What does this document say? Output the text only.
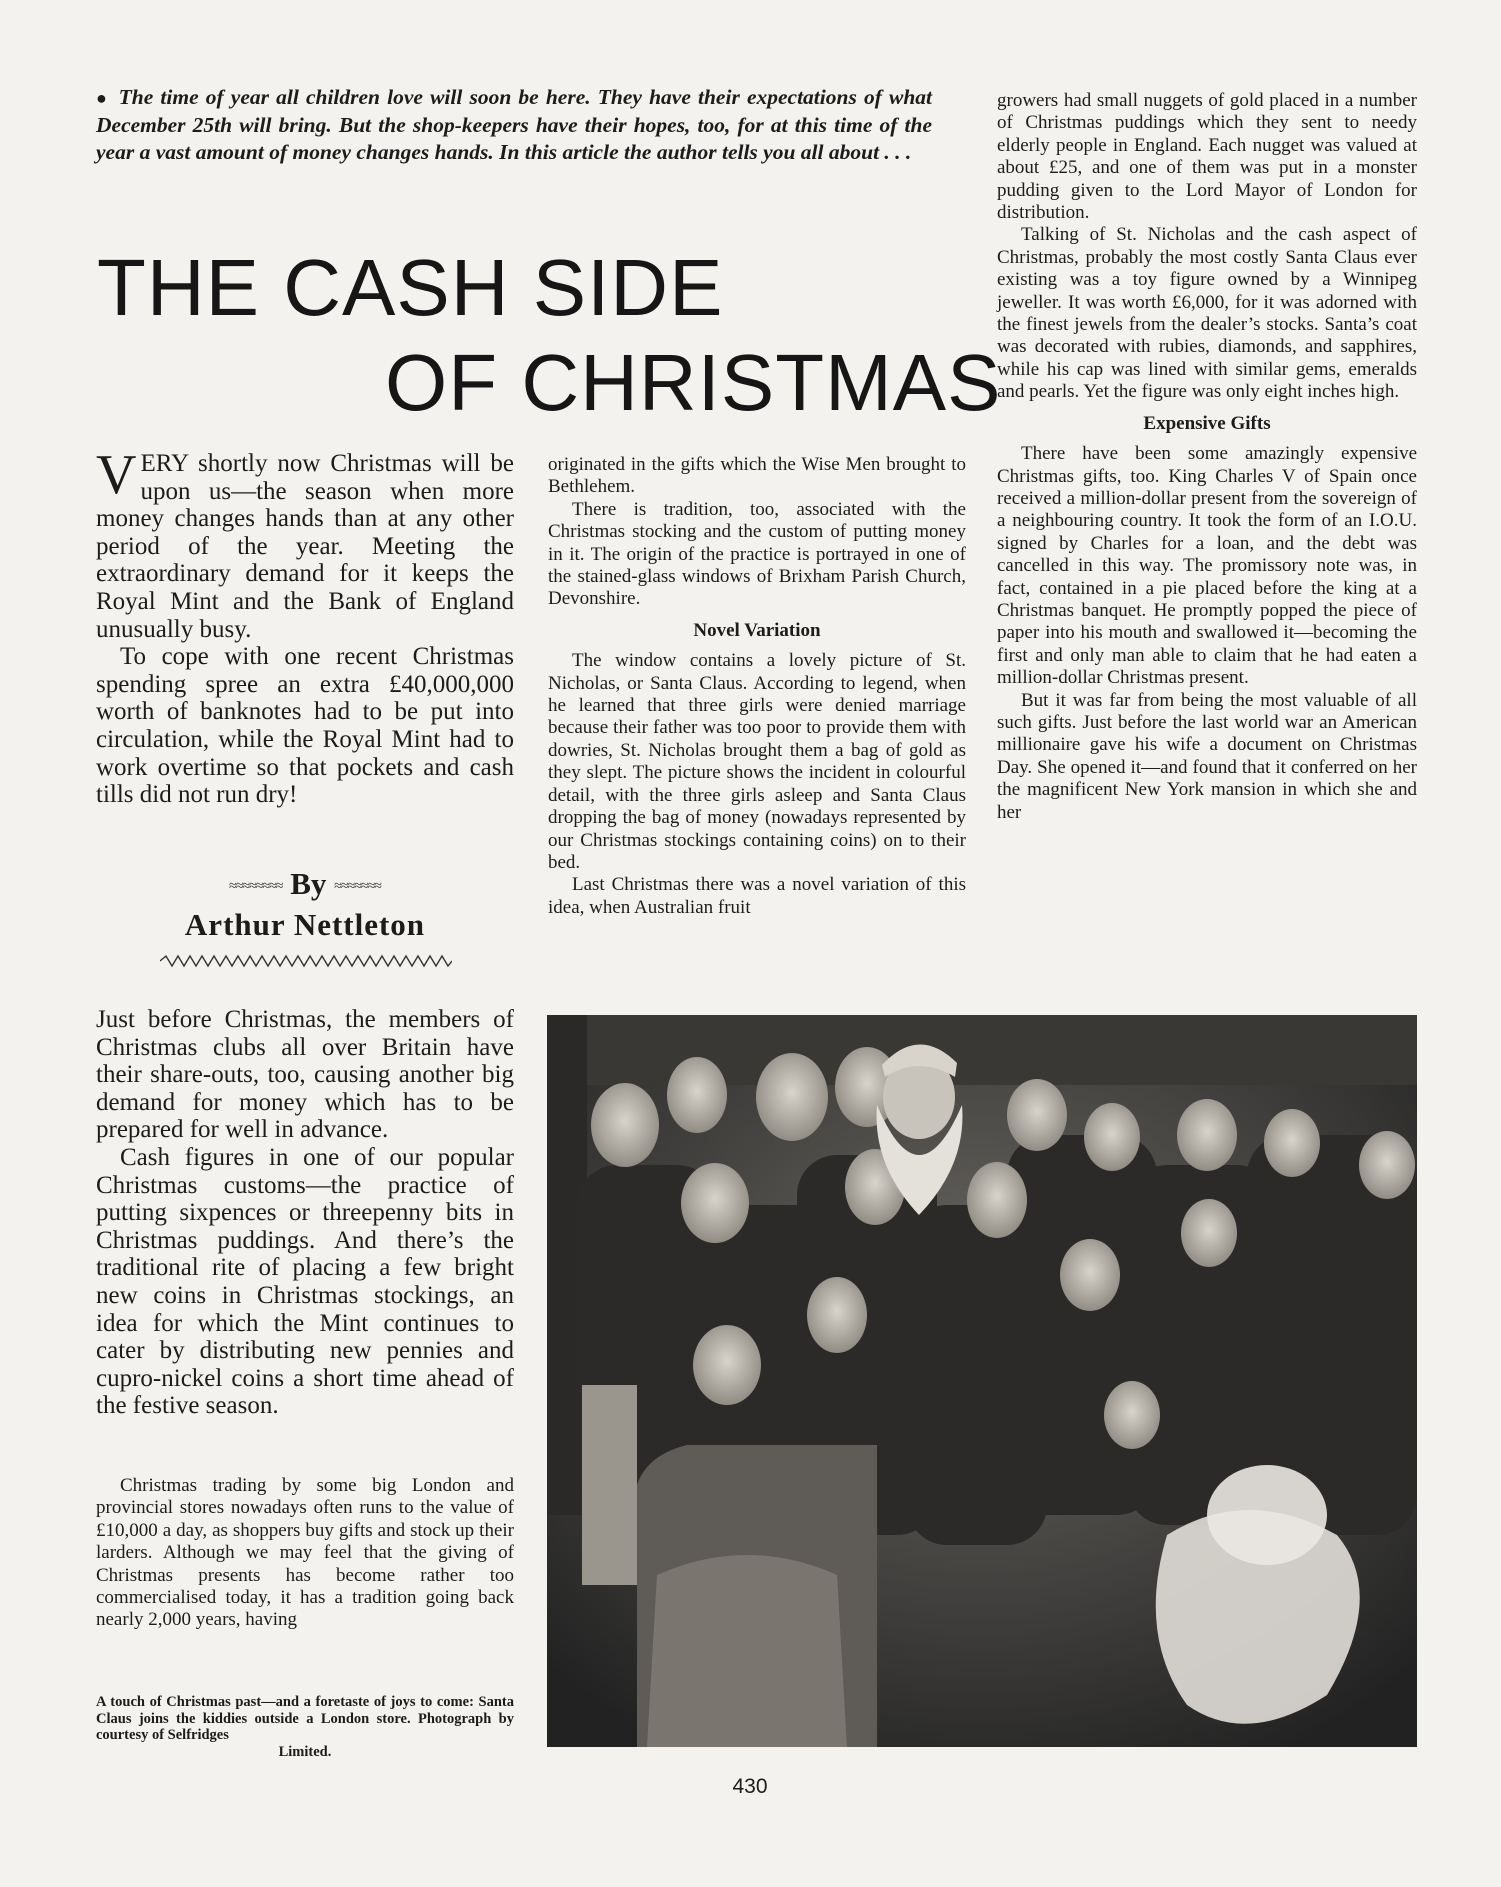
● The time of year all children love will soon be here. They have their expectations of what December 25th will bring. But the shop-keepers have their hopes, too, for at this time of the year a vast amount of money changes hands. In this article the author tells you all about . . .
THE CASH SIDE
OF CHRISTMAS

VERY shortly now Christmas will be upon us—the season when more money changes hands than at any other period of the year. Meeting the extraordinary demand for it keeps the Royal Mint and the Bank of England unusually busy.

To cope with one recent Christmas spending spree an extra £40,000,000 worth of banknotes had to be put into circulation, while the Royal Mint had to work overtime so that pockets and cash tills did not run dry!

≈≈≈≈≈≈≈≈ By ≈≈≈≈≈≈≈
Arthur Nettleton

Just before Christmas, the members of Christmas clubs all over Britain have their share-outs, too, causing another big demand for money which has to be prepared for well in advance.

Cash figures in one of our popular Christmas customs—the practice of putting sixpences or threepenny bits in Christmas puddings. And there’s the traditional rite of placing a few bright new coins in Christmas stockings, an idea for which the Mint continues to cater by distributing new pennies and cupro-nickel coins a short time ahead of the festive season.

Christmas trading by some big London and provincial stores nowadays often runs to the value of £10,000 a day, as shoppers buy gifts and stock up their larders. Although we may feel that the giving of Christmas presents has become rather too commercialised today, it has a tradition going back nearly 2,000 years, having

originated in the gifts which the Wise Men brought to Bethlehem.

There is tradition, too, associated with the Christmas stocking and the custom of putting money in it. The origin of the practice is portrayed in one of the stained-glass windows of Brixham Parish Church, Devonshire.

Novel Variation

The window contains a lovely picture of St. Nicholas, or Santa Claus. According to legend, when he learned that three girls were denied marriage because their father was too poor to provide them with dowries, St. Nicholas brought them a bag of gold as they slept. The picture shows the incident in colourful detail, with the three girls asleep and Santa Claus dropping the bag of money (nowadays represented by our Christmas stockings containing coins) on to their bed.

Last Christmas there was a novel variation of this idea, when Australian fruit

growers had small nuggets of gold placed in a number of Christmas puddings which they sent to needy elderly people in England. Each nugget was valued at about £25, and one of them was put in a monster pudding given to the Lord Mayor of London for distribution.

Talking of St. Nicholas and the cash aspect of Christmas, probably the most costly Santa Claus ever existing was a toy figure owned by a Winnipeg jeweller. It was worth £6,000, for it was adorned with the finest jewels from the dealer’s stocks. Santa’s coat was decorated with rubies, diamonds, and sapphires, while his cap was lined with similar gems, emeralds and pearls. Yet the figure was only eight inches high.

Expensive Gifts

There have been some amazingly expensive Christmas gifts, too. King Charles V of Spain once received a million-dollar present from the sovereign of a neighbouring country. It took the form of an I.O.U. signed by Charles for a loan, and the debt was cancelled in this way. The promissory note was, in fact, contained in a pie placed before the king at a Christmas banquet. He promptly popped the piece of paper into his mouth and swallowed it—becoming the first and only man able to claim that he had eaten a million-dollar Christmas present.

But it was far from being the most valuable of all such gifts. Just before the last world war an American millionaire gave his wife a document on Christmas Day. She opened it—and found that it conferred on her the magnificent New York mansion in which she and her

A touch of Christmas past—and a foretaste of joys to come: Santa Claus joins the kiddies outside a London store. Photograph by courtesy of Selfridges
Limited.
430
